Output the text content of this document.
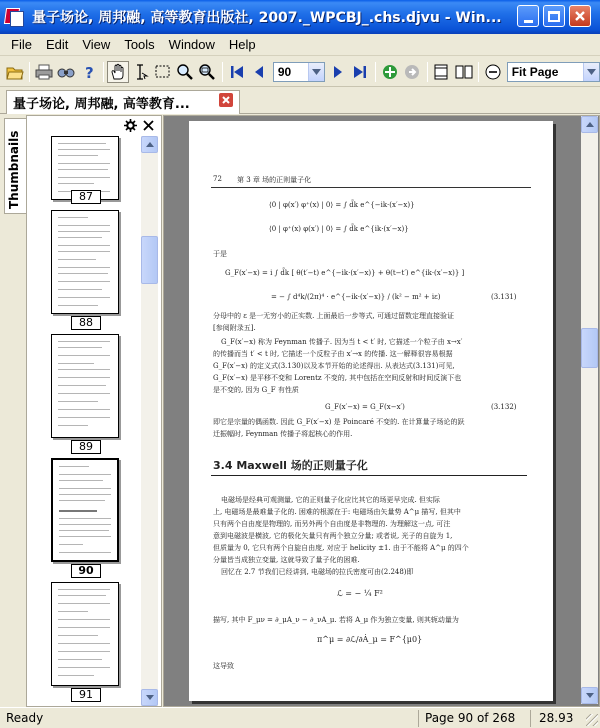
量子场论, 周邦融, 高等教育出版社, 2007._WPCBJ_.chs.djvu - Win...
File	Edit	View	Tools	Window	Help
?	90	Fit Page
量子场论, 周邦融, 高等教育...
Thumbnails	87
88
89
90
91
72 第 3 章 场的正则量子化
⟨0 | φ(x′) φ⁺(x) | 0⟩ = ∫ d̃k e^{−ik·(x′−x)}
⟨0 | φ⁺(x) φ(x′) | 0⟩ = ∫ d̃k e^{ik·(x′−x)}
于是
G_F(x′−x) = i ∫ d̃k [ θ(t′−t) e^{−ik·(x′−x)} + θ(t−t′) e^{ik·(x′−x)} ]
= − ∫ d⁴k/(2π)⁴ · e^{−ik·(x′−x)} / (k² − m² + iε)	(3.131)
分母中的 ε 是一无穷小的正实数. 上面最后一步等式, 可通过留数定理直接验证
[参阅附录五].
G_F(x′−x) 称为 Feynman 传播子. 因为当 t < t′ 时, 它描述一个粒子由 x→x′
的传播而当 t′ < t 时, 它描述一个反粒子由 x′→x 的传播. 这一解释很容易根据
G_F(x′−x) 的定义式(3.130)以及本节开始的论述得出. 从表达式(3.131)可见,
G_F(x′−x) 是平移不变和 Lorentz 不变的, 其中包括在空间反射和时间反演下也
是不变的, 因为 G_F 有性质
G_F(x′−x) = G_F(x−x′)	(3.132)
即它是宗量的偶函数. 因此 G_F(x′−x) 是 Poincaré 不变的. 在计算量子场论的跃
迁振幅时, Feynman 传播子将起核心的作用.
3.4 Maxwell 场的正则量子化
电磁场是经典可观测量, 它的正则量子化应比其它的场更早完成. 但实际
上, 电磁场是最难量子化的. 困难的根源在于: 电磁场由矢量势 A^μ 描写, 但其中
只有两个自由度是物理的, 而另外两个自由度是非物理的. 为理解这一点, 可注
意到电磁波是横波, 它的极化矢量只有两个独立分量; 或者说, 光子的自旋为 1,
但质量为 0, 它只有两个自旋自由度, 对应于 helicity ±1. 由于不能将 A^μ 的四个
分量皆当成独立变量, 这就导致了量子化的困难.
回忆在 2.7 节我们已经讲到, 电磁场的拉氏密度可由(2.248)即
ℒ = − ¼ F²
描写, 其中 F_μν = ∂_μA_ν − ∂_νA_μ. 若将 A_μ 作为独立变量, 则其轭动量为
π^μ = ∂ℒ/∂Ȧ_μ = F^{μ0}
这导致
Ready	Page 90 of 268	28.93
